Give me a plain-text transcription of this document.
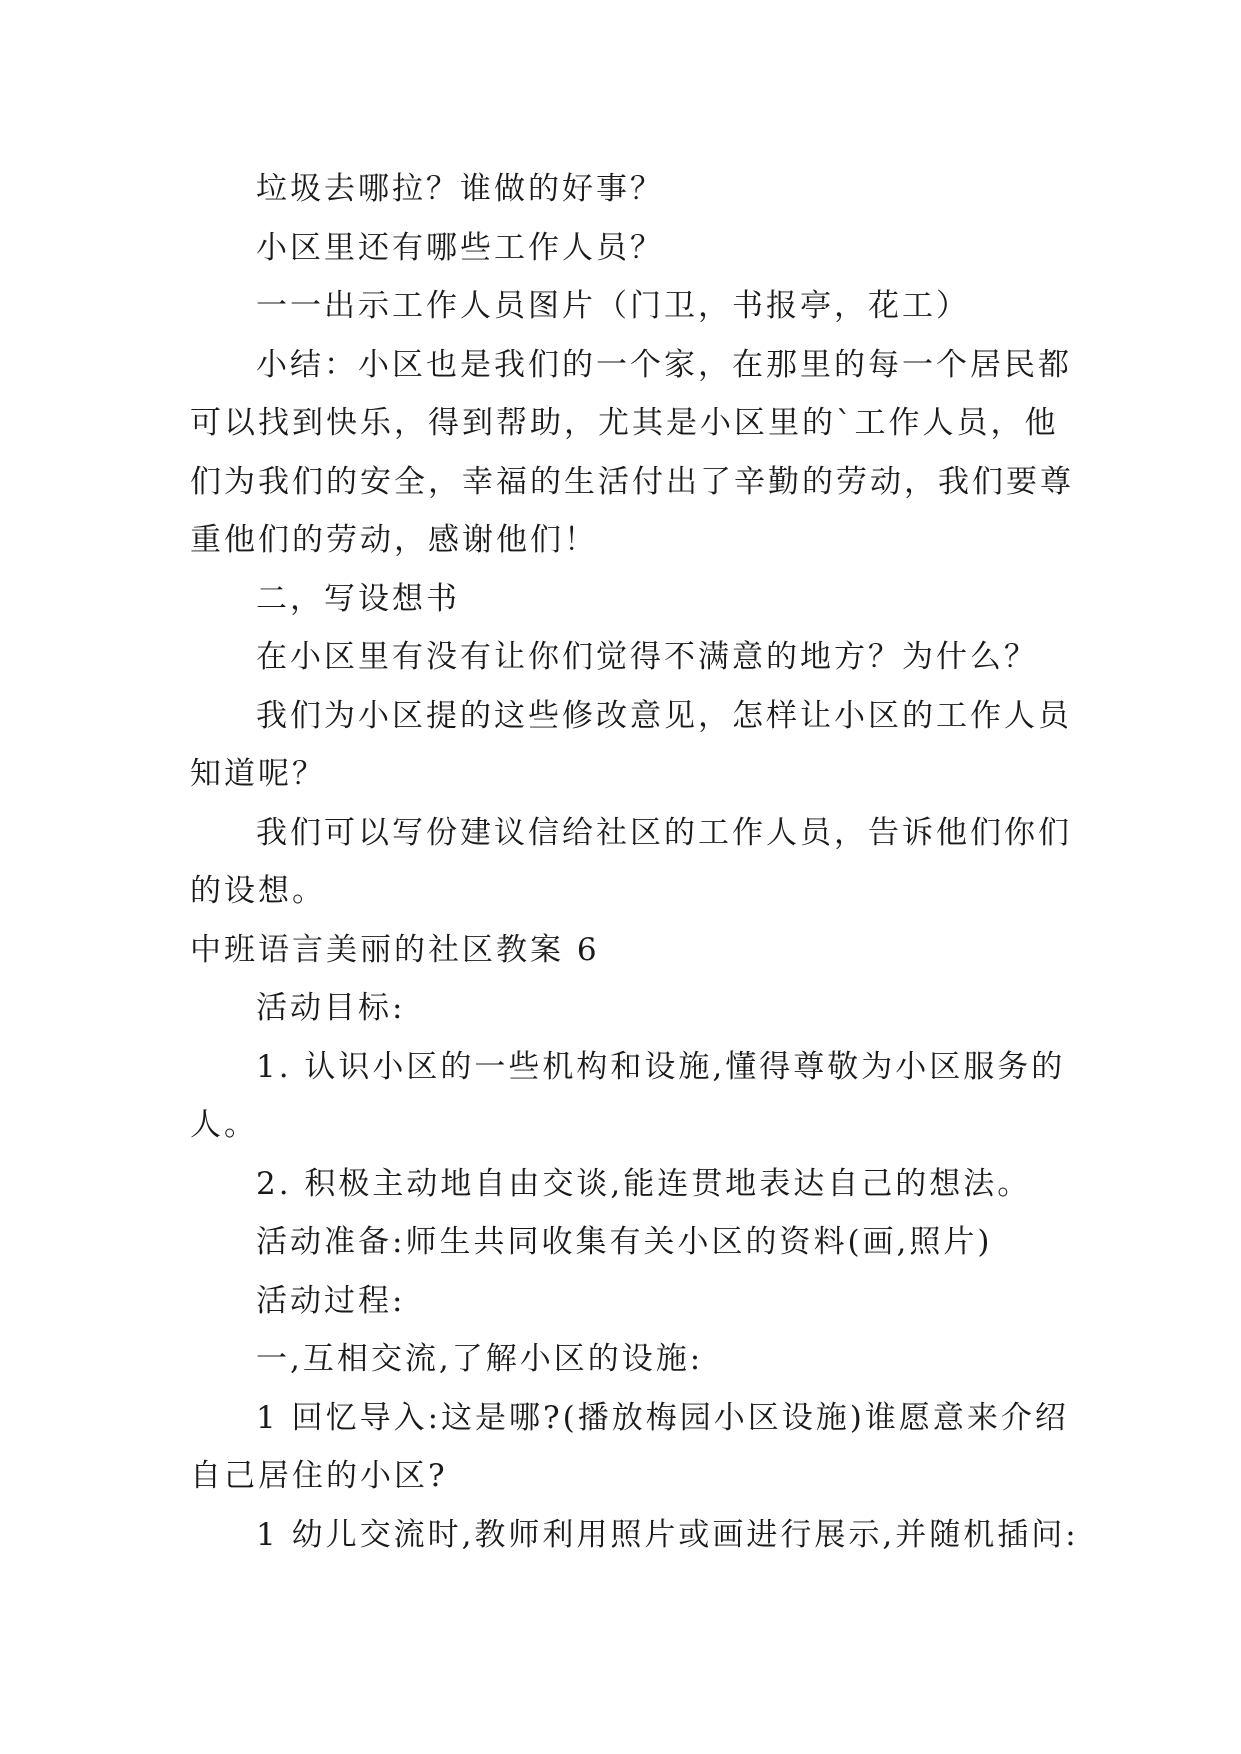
垃圾去哪拉？谁做的好事？

小区里还有哪些工作人员？

一一出示工作人员图片（门卫，书报亭，花工）

小结：小区也是我们的一个家，在那里的每一个居民都

可以找到快乐，得到帮助，尤其是小区里的`工作人员，他

们为我们的安全，幸福的生活付出了辛勤的劳动，我们要尊

重他们的劳动，感谢他们！

二，写设想书

在小区里有没有让你们觉得不满意的地方？为什么？

我们为小区提的这些修改意见，怎样让小区的工作人员

知道呢？

我们可以写份建议信给社区的工作人员，告诉他们你们

的设想。

中班语言美丽的社区教案 6

活动目标:

1. 认识小区的一些机构和设施,懂得尊敬为小区服务的

人。

2. 积极主动地自由交谈,能连贯地表达自己的想法。

活动准备:师生共同收集有关小区的资料(画,照片)

活动过程:

一,互相交流,了解小区的设施:

1 回忆导入:这是哪?(播放梅园小区设施)谁愿意来介绍

自己居住的小区?

1 幼儿交流时,教师利用照片或画进行展示,并随机插问:
